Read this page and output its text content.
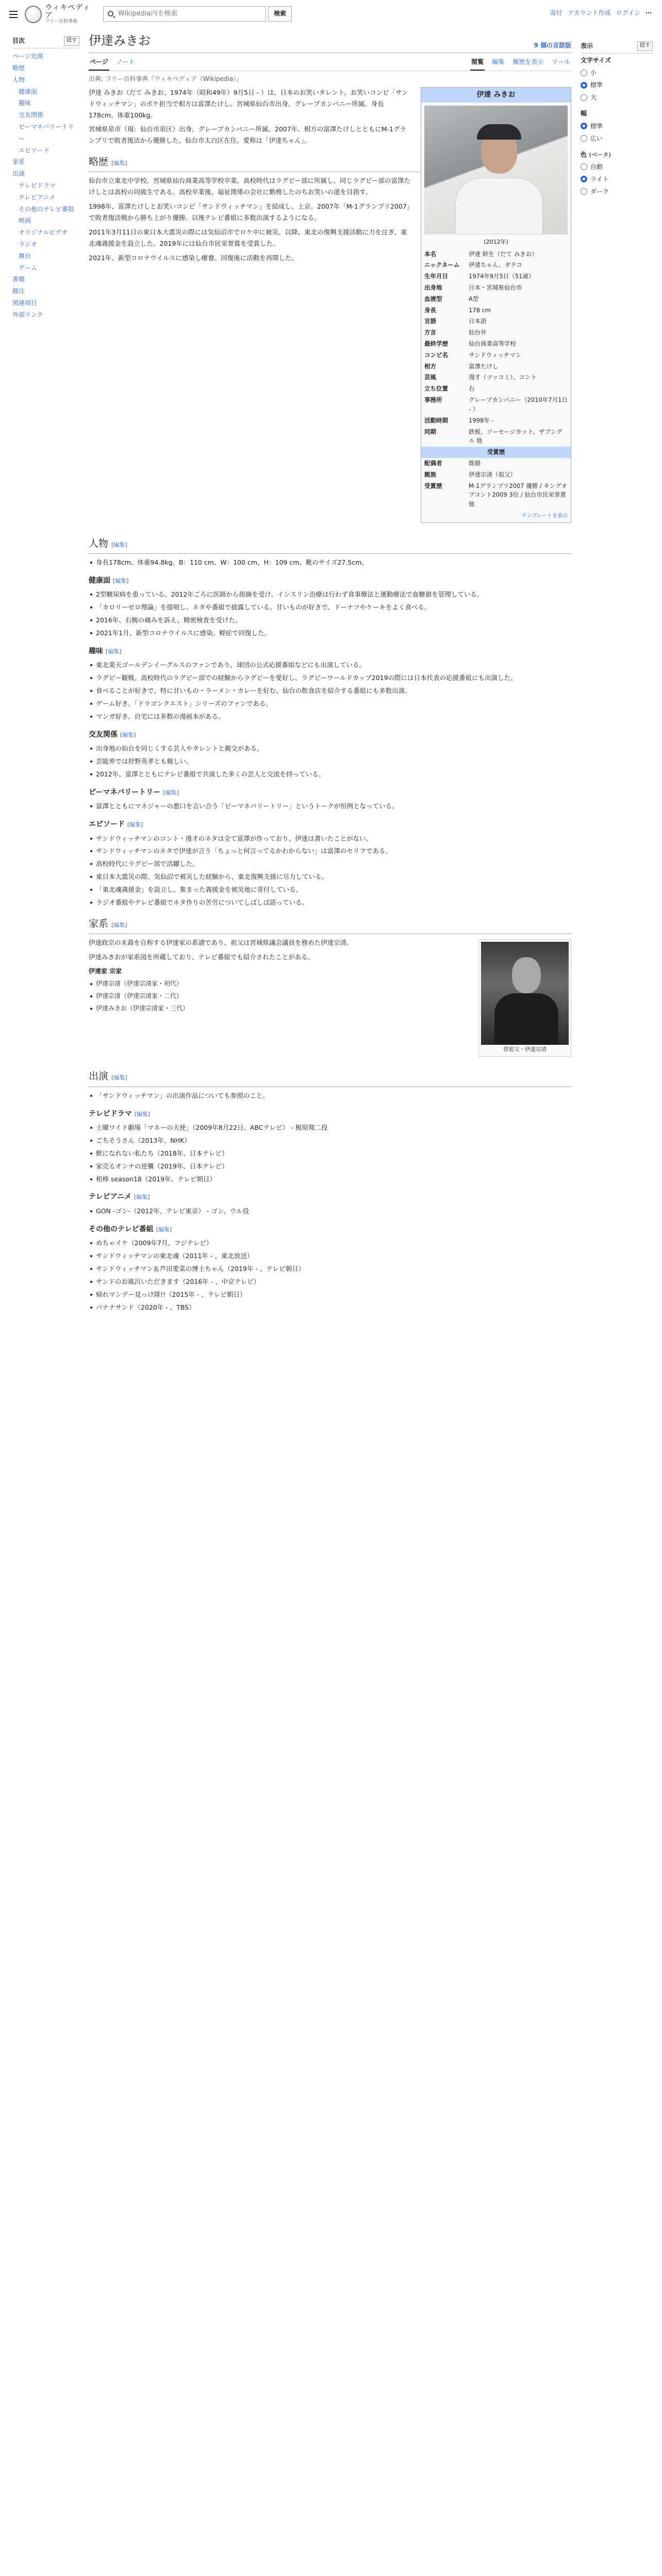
ウィキペディア
フリー百科事典
Wikipedia内を検索	検索	寄付 アカウント作成 ログイン ⋯
目次	隠す
ページ先頭
略歴
人物
健康面
趣味
交友関係
ピーマネバリートリー
エピソード
家系
出演
テレビドラマ
テレビアニメ
その他のテレビ番組
映画
オリジナルビデオ
ラジオ
舞台
ゲーム
書籍
脚注
関連項目
外部リンク
表示	隠す
文字サイズ
小
標準
大
幅
標準
広い
色 (ベータ)
自動
ライト
ダーク
伊達みきお	9 個の言語版
ページ ノート	閲覧 編集 履歴を表示 ツール
出典: フリー百科事典『ウィキペディア（Wikipedia）』
伊達 みきお
(2012年)
本名	伊達 幹生（だて みきお）
ニックネーム	伊達ちゃん、ダテコ
生年月日	1974年9月5日（51歳）
出身地	日本・宮城県仙台市
血液型	A型
身長	178 cm
言語	日本語
方言	仙台弁
最終学歴	仙台商業高等学校
コンビ名	サンドウィッチマン
相方	富澤たけし
芸風	漫才（ツッコミ）、コント
立ち位置	右
事務所	グレープカンパニー（2010年7月1日 - ）
活動時期	1998年 -
同期	鉄板、ソーセージカット、ザブングル 他
受賞歴
配偶者	既婚
親族	伊達宗清（祖父）
受賞歴	M-1グランプリ2007 優勝 / キングオブコント2009 3位 / 仙台市民栄誉賞 他
テンプレートを表示

伊達 みきお（だて みきお、1974年（昭和49年）9月5日 - ）は、日本のお笑いタレント。お笑いコンビ「サンドウィッチマン」のボケ担当で相方は富澤たけし。宮城県仙台市出身。グレープカンパニー所属。身長178cm。体重100kg。

宮城県泉市（現：仙台市泉区）出身。グレープカンパニー所属。2007年、相方の富澤たけしとともにM-1グランプリで敗者復活から優勝した。仙台市太白区在住。愛称は「伊達ちゃん」。

略歴 [編集]

仙台市立東北中学校、宮城県仙台商業高等学校卒業。高校時代はラグビー部に所属し、同じラグビー部の富澤たけしとは高校の同級生である。高校卒業後、福祉関係の会社に勤務したのちお笑いの道を目指す。

1998年、富澤たけしとお笑いコンビ「サンドウィッチマン」を結成し、上京。2007年「M-1グランプリ2007」で敗者復活戦から勝ち上がり優勝。以後テレビ番組に多数出演するようになる。

2011年3月11日の東日本大震災の際には気仙沼市でロケ中に被災。以降、東北の復興支援活動に力を注ぎ、東北魂義援金を設立した。2019年には仙台市民栄誉賞を受賞した。

2021年、新型コロナウイルスに感染し療養。回復後に活動を再開した。

人物 [編集]
身長178cm、体重94.8kg。B：110 cm、W：100 cm、H：109 cm、靴のサイズ27.5cm。
健康面 [編集]
2型糖尿病を患っている。2012年ごろに医師から指摘を受け、インスリン治療は行わず食事療法と運動療法で血糖値を管理している。
「カロリーゼロ理論」を提唱し、ネタや番組で披露している。甘いものが好きで、ドーナツやケーキをよく食べる。
2016年、右腕の痛みを訴え、精密検査を受けた。
2021年1月、新型コロナウイルスに感染。軽症で回復した。
趣味 [編集]
東北楽天ゴールデンイーグルスのファンであり、球団の公式応援番組などにも出演している。
ラグビー観戦。高校時代のラグビー部での経験からラグビーを愛好し、ラグビーワールドカップ2019の際には日本代表の応援番組にも出演した。
食べることが好きで、特に甘いもの・ラーメン・カレーを好む。仙台の飲食店を紹介する番組にも多数出演。
ゲーム好き。「ドラゴンクエスト」シリーズのファンである。
マンガ好き。自宅には多数の漫画本がある。
交友関係 [編集]
出身地の仙台を同じくする芸人やタレントと親交がある。
芸能界では狩野英孝とも親しい。
2012年、富澤とともにテレビ番組で共演した多くの芸人と交流を持っている。
ピーマネバリートリー [編集]
富澤とともにマネジャーの悪口を言い合う「ピーマネバリートリー」というトークが恒例となっている。
エピソード [編集]
サンドウィッチマンのコント・漫才のネタは全て富澤が作っており、伊達は書いたことがない。
サンドウィッチマンのネタで伊達が言う「ちょっと何言ってるかわからない」は富澤のセリフである。
高校時代にラグビー部で活躍した。
東日本大震災の際、気仙沼で被災した経験から、東北復興支援に尽力している。
「東北魂義援金」を設立し、集まった義援金を被災地に寄付している。
ラジオ番組やテレビ番組でネタ作りの苦労についてしばしば語っている。
家系 [編集]
曾祖父・伊達宗清

伊達政宗の末裔を自称する伊達家の系譜であり、祖父は宮城県議会議員を務めた伊達宗清。

伊達みきおが家系図を所蔵しており、テレビ番組でも紹介されたことがある。

伊達家 宗家
伊達宗清（伊達宗清家・初代）
伊達宗清（伊達宗清家・二代）
伊達みきお（伊達宗清家・三代）
出演 [編集]
「サンドウィッチマン」の出演作品についても参照のこと。
テレビドラマ [編集]
土曜ワイド劇場「マネーの天使」（2009年8月22日、ABCテレビ） - 梶原翔二役
ごちそうさん（2013年、NHK）
獣になれない私たち（2018年、日本テレビ）
家売るオンナの逆襲（2019年、日本テレビ）
相棒 season18（2019年、テレビ朝日）
テレビアニメ [編集]
GON -ゴン-（2012年、テレビ東京） - ゴン、ウル役
その他のテレビ番組 [編集]
めちゃイケ（2009年7月、フジテレビ）
サンドウィッチマンの東北魂（2011年 - 、東北放送）
サンドウィッチマン＆芦田愛菜の博士ちゃん（2019年 - 、テレビ朝日）
サンドのお風呂いただきます（2016年 - 、中京テレビ）
帰れマンデー見っけ隊!!（2015年 - 、テレビ朝日）
バナナサンド（2020年 - 、TBS）
